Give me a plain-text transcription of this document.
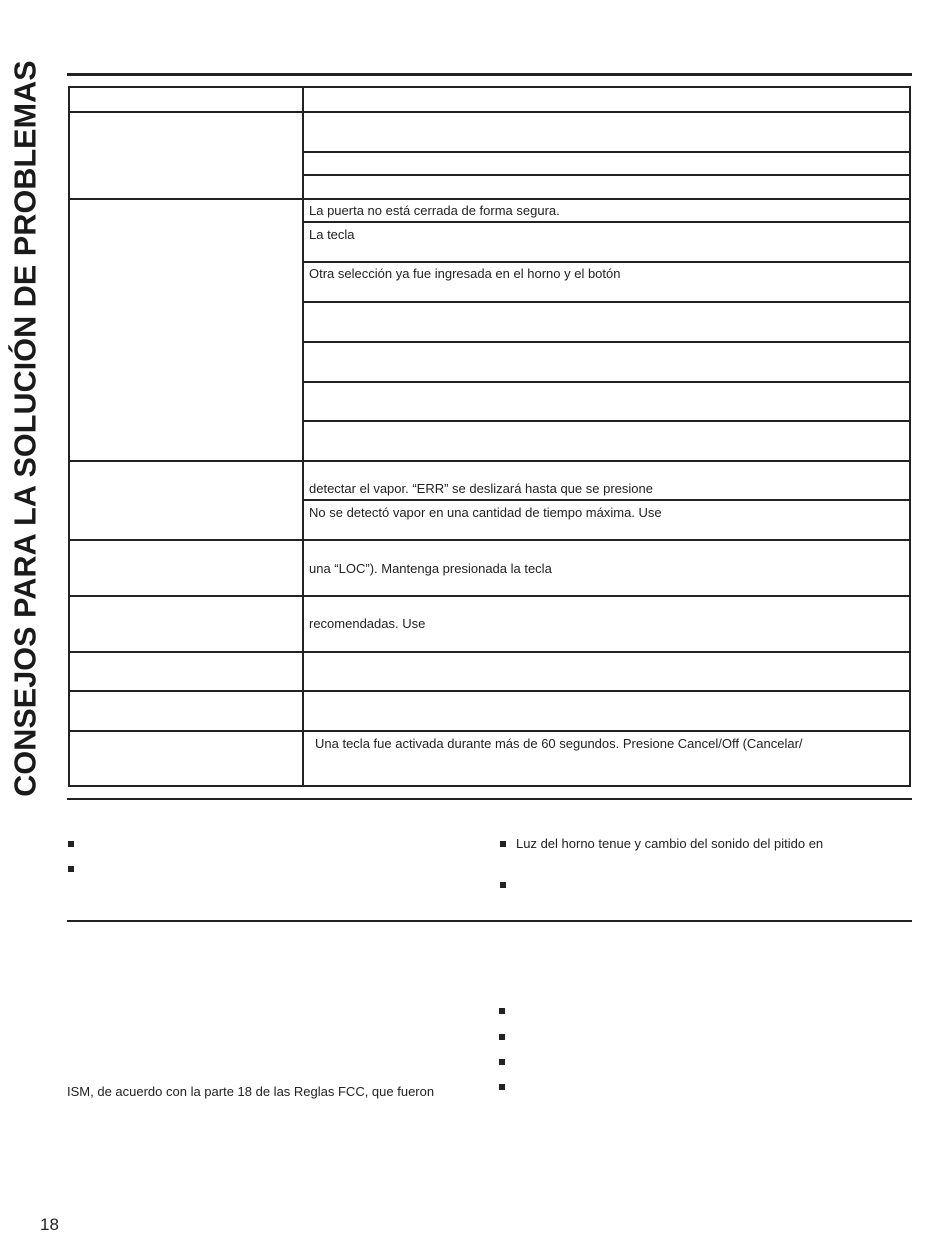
CONSEJOS PARA LA SOLUCIÓN DE PROBLEMAS	La puerta no está cerrada de forma segura.
La tecla
Otra selección ya fue ingresada en el horno y el botón
detectar el vapor. “ERR” se deslizará hasta que se presione
No se detectó vapor en una cantidad de tiempo máxima. Use
una “LOC”). Mantenga presionada la tecla
recomendadas. Use
Una tecla fue activada durante más de 60 segundos. Presione Cancel/Off (Cancelar/
Luz del horno tenue y cambio del sonido del pitido en
ISM, de acuerdo con la parte 18 de las Reglas FCC, que fueron
18
